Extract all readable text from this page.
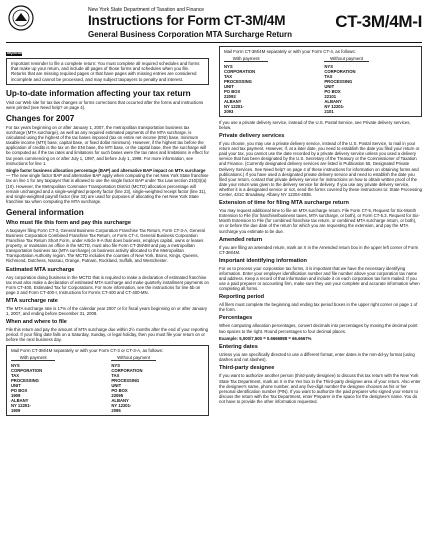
New York State Department of Taxation and Finance
Instructions for Form CT-3M/4M
General Business Corporation MTA Surcharge Return
CT-3M/4M-I
Important
Important reminder to file a complete return: You must complete all required schedules and forms that make up your return, and include all pages of those forms and schedules when you file. Returns that are missing required pages or that have pages with missing entries are considered incomplete and cannot be processed, and may subject taxpayers to penalty and interest.
Up-to-date information affecting your tax return

Visit our Web site for tax law changes or forms corrections that occurred after the forms and instructions were printed (see Need help? on page 4).

Changes for 2007

For tax years beginning on or after January 1, 2007, the metropolitan transportation business tax surcharge (MTA surcharge), as well as any required estimated payments of the MTA surcharge, is calculated using the highest of the tax bases imposed (tax on entire net income (ENI) base, minimum taxable income (MTI) base, capital base, or fixed dollar minimum). However, if the highest tax before the application of credits is the tax on the ENI base, the MTI base, or the capital base, then the surcharge will be computed as if the tax rates and limitations for such bases were the tax rates and limitations in effect for tax years commencing on or after July 1, 1997, and before July 1, 1998. For more information, see instructions for line 1.

Single factor business allocation percentage (BAP) and alternative BAP impact on MTA surcharge — The new single factor BAP and alternative BAP apply when computing the net New York State franchise tax on line 1 for any taxpayer that is allowed to use the single factor BAP under Tax Law section 210(3)(a)(10). However, the Metropolitan Commuter Transportation District (MCTD) allocation percentage will remain unchanged and a single-weighted property factor (line 23), single-weighted receipt factor (line 31), and single-weighted payroll factor (line 33) are used for purposes of allocating the net New York State franchise tax when computing the MTA surcharge.

General information
Who must file this form and pay this surcharge

A taxpayer filing Form CT-3, General Business Corporation Franchise Tax Return, Form CT-3-A, General Business Corporation Combined Franchise Tax Return, or Form CT-4, General Business Corporation Franchise Tax Return Short Form, under Article 9-A that does business, employs capital, owns or leases property, or maintains an office in the MCTD, must also file Form CT-3M/4M and pay a metropolitan transportation business tax (MTA surcharge) on business activity allocated to the Metropolitan Transportation Authority region. The MCTD includes the counties of New York, Bronx, Kings, Queens, Richmond, Dutchess, Nassau, Orange, Putnam, Rockland, Suffolk, and Westchester.

Estimated MTA surcharge

Any corporation doing business in the MCTD that is required to make a declaration of estimated franchise tax must also make a declaration of estimated MTA surcharge and make quarterly installment payments on Form CT-400, Estimated Tax for Corporations. For more information, see the instructions for line 5b on page 2 and Form CT-400-I, Instructions for Forms CT-400 and CT-400-MN.

MTA surcharge rate

The MTA surcharge rate is 17% of the calendar year 2007 or for fiscal years beginning on or after January 1, 2007, and ending before December 31, 2008.

When and where to file

File this return and pay the amount of MTA surcharge due within 2½ months after the end of your reporting period. If your filing date falls on a Saturday, Sunday, or legal holiday, then you must file your return on or before the next business day.

Mail Form CT-3M/4M separately or with your Form CT-3 or CT-3-A, as follows:
With payment
NYS CORPORATION TAX
PROCESSING UNIT
PO BOX 1909
ALBANY NY 12201-1909
Without payment
NYS CORPORATION TAX
PROCESSING UNIT
PO BOX 22095
ALBANY NY 12201-2095
Mail Form CT-3M/4M separately or with your Form CT-4, as follows:
With payment
NYS CORPORATION TAX
PROCESSING UNIT
PO BOX 22093
ALBANY NY 12201-2093
Without payment
NYS CORPORATION TAX
PROCESSING UNIT
PO BOX 22101
ALBANY NY 12201-2101

If you use a private delivery service, instead of the U.S. Postal Service, see Private delivery services, below.

Private delivery services

If you choose, you may use a private delivery service, instead of the U.S. Postal Service, to mail in your return and tax payment. However, if, at a later date, you need to establish the date you filed your return or paid your tax, you cannot use the date recorded by a private delivery service unless you used a delivery service that has been designated by the U.S. Secretary of the Treasury or the Commissioner of Taxation and Finance. (Currently designated delivery services are listed in Publication 55, Designated Private Delivery Services. See Need help? on page 4 of these instructions for information on obtaining forms and publications.) If you have used a designated private delivery service and need to establish the date you filed your return, contact that private delivery service for instructions on how to obtain written proof of the date your return was given to the delivery service for delivery. If you use any private delivery service, whether it is a designated service or not, send the forms covered by these instructions to: State Processing Center, 431C Broadway, Albany NY 12204-4836.

Extension of time for filing MTA surcharge return

You may request additional time to file an MTA surcharge return. File Form CT-5, Request for Six-Month Extension to File (for franchise/business taxes, MTA surcharge, or both), or Form CT-5.3, Request for Six-Month Extension to File (for combined franchise tax return, or combined MTA surcharge return, or both), on or before the due date of the return for which you are requesting the extension, and pay the MTA surcharge you estimate to be due.

Amended return

If you are filing an amended return, mark an X in the Amended return box in the upper left corner of Form CT-3M/4M.

Important identifying information

For us to process your corporation tax forms, it is important that we have the necessary identifying information. Enter your employer identification number and file number above your corporation tax name and address. Keep a record of that information and include it on each corporation tax form mailed. If you use a paid preparer or accounting firm, make sure they use your complete and accurate information when completing all forms.

Reporting period

All filers must complete the beginning and ending tax period boxes in the upper right corner on page 1 of the form.

Percentages

When computing allocation percentages, convert decimals into percentages by moving the decimal point two spaces to the right. Round percentages to four decimal places.

Example: 5,000/7,500 = 0.6666888 = 66.6667%

Entering dates

Unless you are specifically directed to use a different format, enter dates in the mm-dd-yy format (using dashes and not slashes).

Third-party designee

If you want to authorize another person (third-party designee) to discuss this tax return with the New York State Tax Department, mark an X in the Yes box in the Third-party designee area of your return. Also enter the designee's name, phone number, and any five-digit number the designee chooses as his or her personal identification number (PIN). If you want to authorize the paid preparer who signed your return to discuss the return with the Tax Department, enter Preparer in the space for the designee's name. You do not have to provide the other information requested.
